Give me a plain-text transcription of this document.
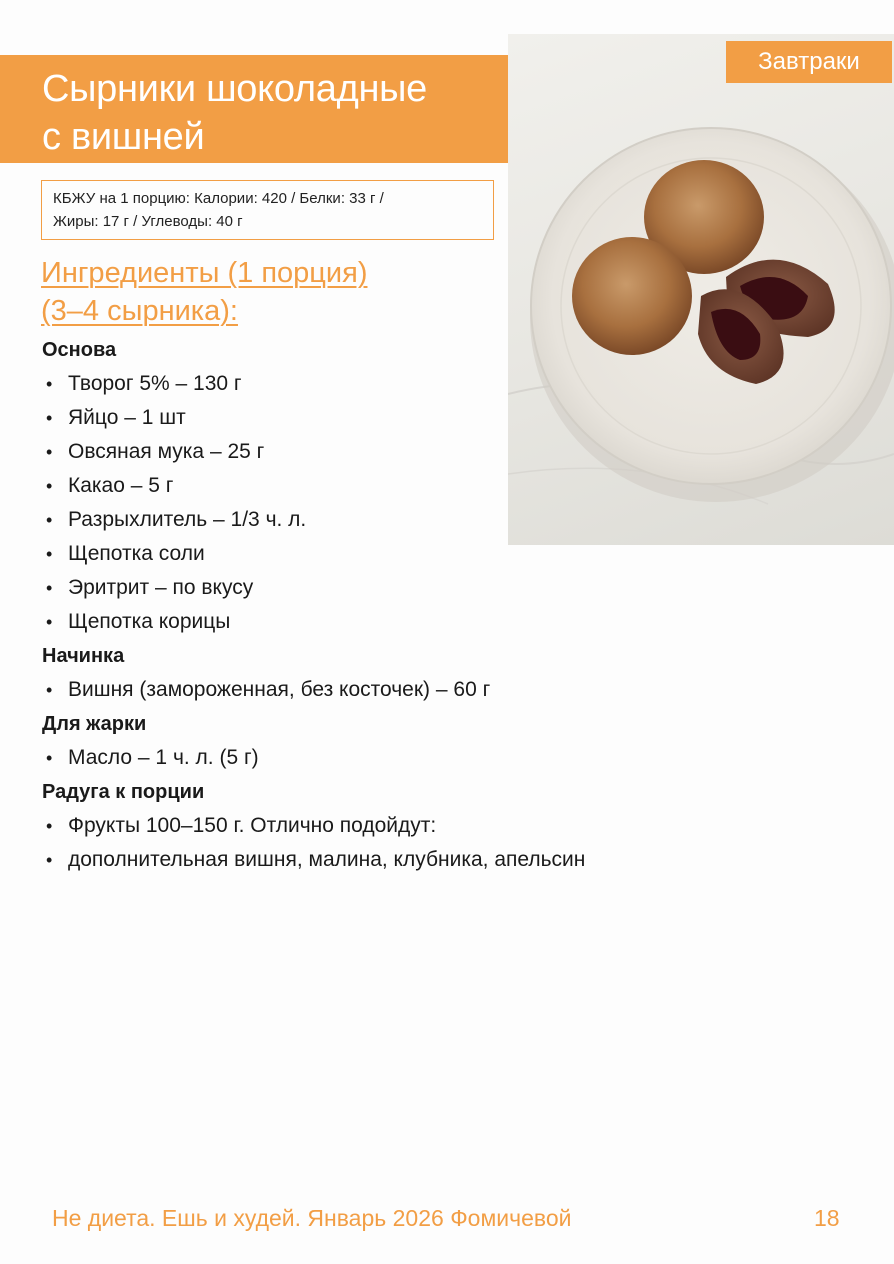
Сырники шоколадные
с вишней
Завтраки
КБЖУ на 1 порцию: Калории: 420 / Белки: 33 г /
Жиры: 17 г / Углеводы: 40 г
Ингредиенты (1 порция)
(3–4 сырника):
Основа
• Творог 5% – 130 г
• Яйцо – 1 шт
• Овсяная мука – 25 г
• Какао – 5 г
• Разрыхлитель – 1/3 ч. л.
• Щепотка соли
• Эритрит – по вкусу
• Щепотка корицы
Начинка
• Вишня (замороженная, без косточек) – 60 г
Для жарки
• Масло – 1 ч. л. (5 г)
Радуга к порции
• Фрукты 100–150 г. Отлично подойдут:
• дополнительная вишня, малина, клубника, апельсин
Не диета. Ешь и худей. Январь 2026 Фомичевой	18
